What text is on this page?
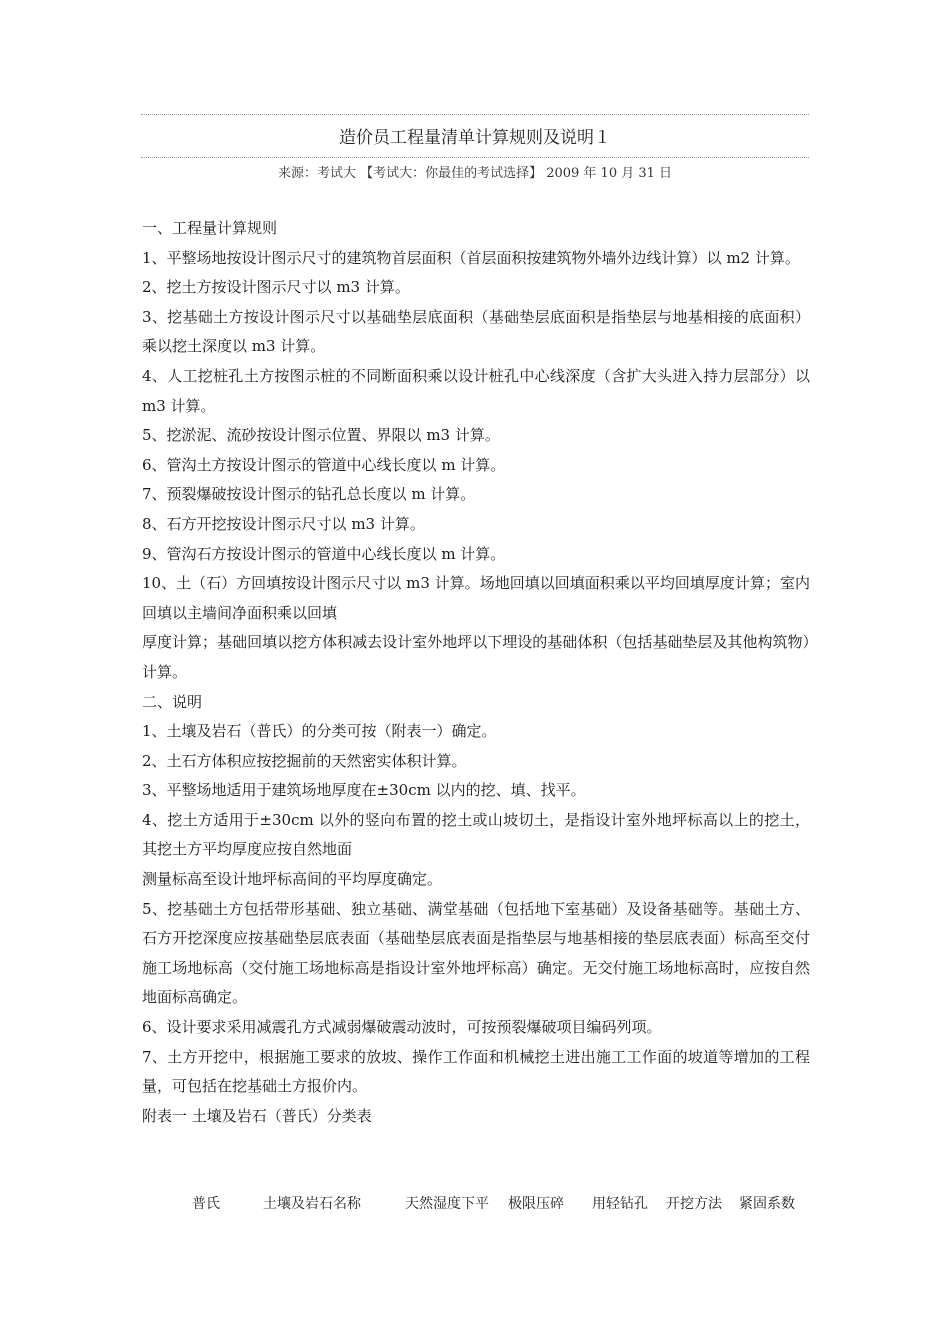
造价员工程量清单计算规则及说明１
来源：考试大 【考试大：你最佳的考试选择】 2009 年 10 月 31 日

一、工程量计算规则

1、平整场地按设计图示尺寸的建筑物首层面积（首层面积按建筑物外墙外边线计算）以 m2 计算。

2、挖土方按设计图示尺寸以 m3 计算。

3、挖基础土方按设计图示尺寸以基础垫层底面积（基础垫层底面积是指垫层与地基相接的底面积）乘以挖土深度以 m3 计算。

4、人工挖桩孔土方按图示桩的不同断面积乘以设计桩孔中心线深度（含扩大头进入持力层部分）以 m3 计算。

5、挖淤泥、流砂按设计图示位置、界限以 m3 计算。

6、管沟土方按设计图示的管道中心线长度以 m 计算。

7、预裂爆破按设计图示的钻孔总长度以 m 计算。

8、石方开挖按设计图示尺寸以 m3 计算。

9、管沟石方按设计图示的管道中心线长度以 m 计算。

10、土（石）方回填按设计图示尺寸以 m3 计算。场地回填以回填面积乘以平均回填厚度计算；室内回填以主墙间净面积乘以回填

厚度计算；基础回填以挖方体积减去设计室外地坪以下埋设的基础体积（包括基础垫层及其他构筑物）计算。

二、说明

1、土壤及岩石（普氏）的分类可按（附表一）确定。

2、土石方体积应按挖掘前的天然密实体积计算。

3、平整场地适用于建筑场地厚度在±30cm 以内的挖、填、找平。

4、挖土方适用于±30cm 以外的竖向布置的挖土或山坡切土，是指设计室外地坪标高以上的挖土，其挖土方平均厚度应按自然地面

测量标高至设计地坪标高间的平均厚度确定。

5、挖基础土方包括带形基础、独立基础、满堂基础（包括地下室基础）及设备基础等。基础土方、石方开挖深度应按基础垫层底表面（基础垫层底表面是指垫层与地基相接的垫层底表面）标高至交付施工场地标高（交付施工场地标高是指设计室外地坪标高）确定。无交付施工场地标高时，应按自然地面标高确定。

6、设计要求采用减震孔方式减弱爆破震动波时，可按预裂爆破项目编码列项。

7、土方开挖中，根据施工要求的放坡、操作工作面和机械挖土进出施工工作面的坡道等增加的工程量，可包括在挖基础土方报价内。

附表一 土壤及岩石（普氏）分类表

普氏	土壤及岩石名称	天然湿度下平 极限压碎 用轻钻孔 开挖方法 紧固系数
